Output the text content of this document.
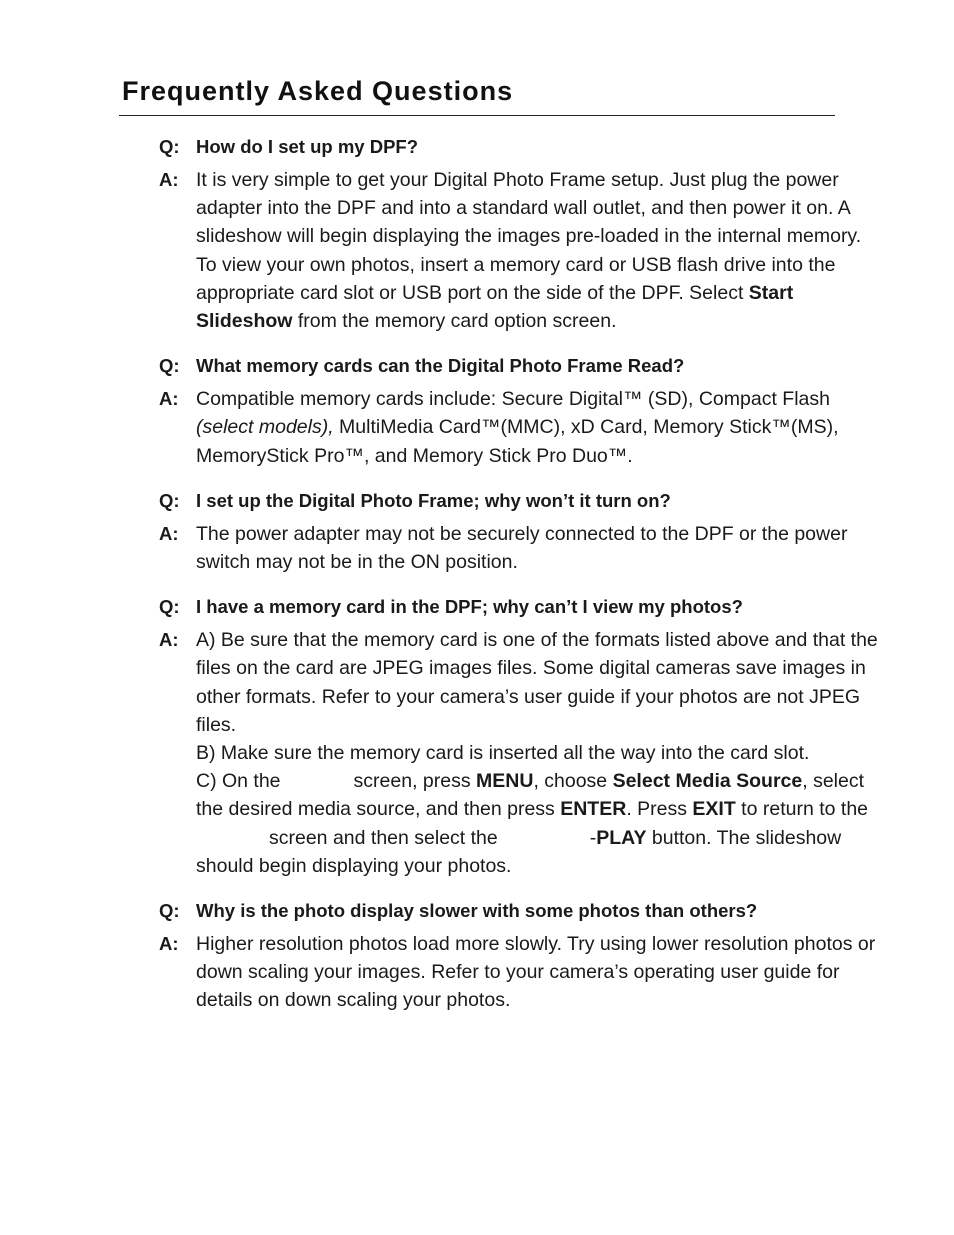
Frequently Asked Questions
Q: How do I set up my DPF?
A: It is very simple to get your Digital Photo Frame setup. Just plug the power adapter into the DPF and into a standard wall outlet, and then power it on. A slideshow will begin displaying the images pre-loaded in the internal memory. To view your own photos, insert a memory card or USB flash drive into the appropriate card slot or USB port on the side of the DPF. Select Start Slideshow from the memory card option screen.
Q: What memory cards can the Digital Photo Frame Read?
A: Compatible memory cards include: Secure Digital™ (SD), Compact Flash (select models), MultiMedia Card™(MMC), xD Card, Memory Stick™(MS), MemoryStick Pro™, and Memory Stick Pro Duo™.
Q: I set up the Digital Photo Frame; why won’t it turn on?
A: The power adapter may not be securely connected to the DPF or the power switch may not be in the ON position.
Q: I have a memory card in the DPF; why can’t I view my photos?
A: A) Be sure that the memory card is one of the formats listed above and that the files on the card are JPEG images files. Some digital cameras save images in other formats. Refer to your camera’s user guide if your photos are not JPEG files.
B) Make sure the memory card is inserted all the way into the card slot.
C) On the	screen, press MENU, choose Select Media Source, select the desired media source, and then press ENTER. Press EXIT to return to thescreen and then select the	-PLAY button. The slideshow should begin displaying your photos.
Q: Why is the photo display slower with some photos than others?
A: Higher resolution photos load more slowly. Try using lower resolution photos or down scaling your images. Refer to your camera’s operating user guide for details on down scaling your photos.
